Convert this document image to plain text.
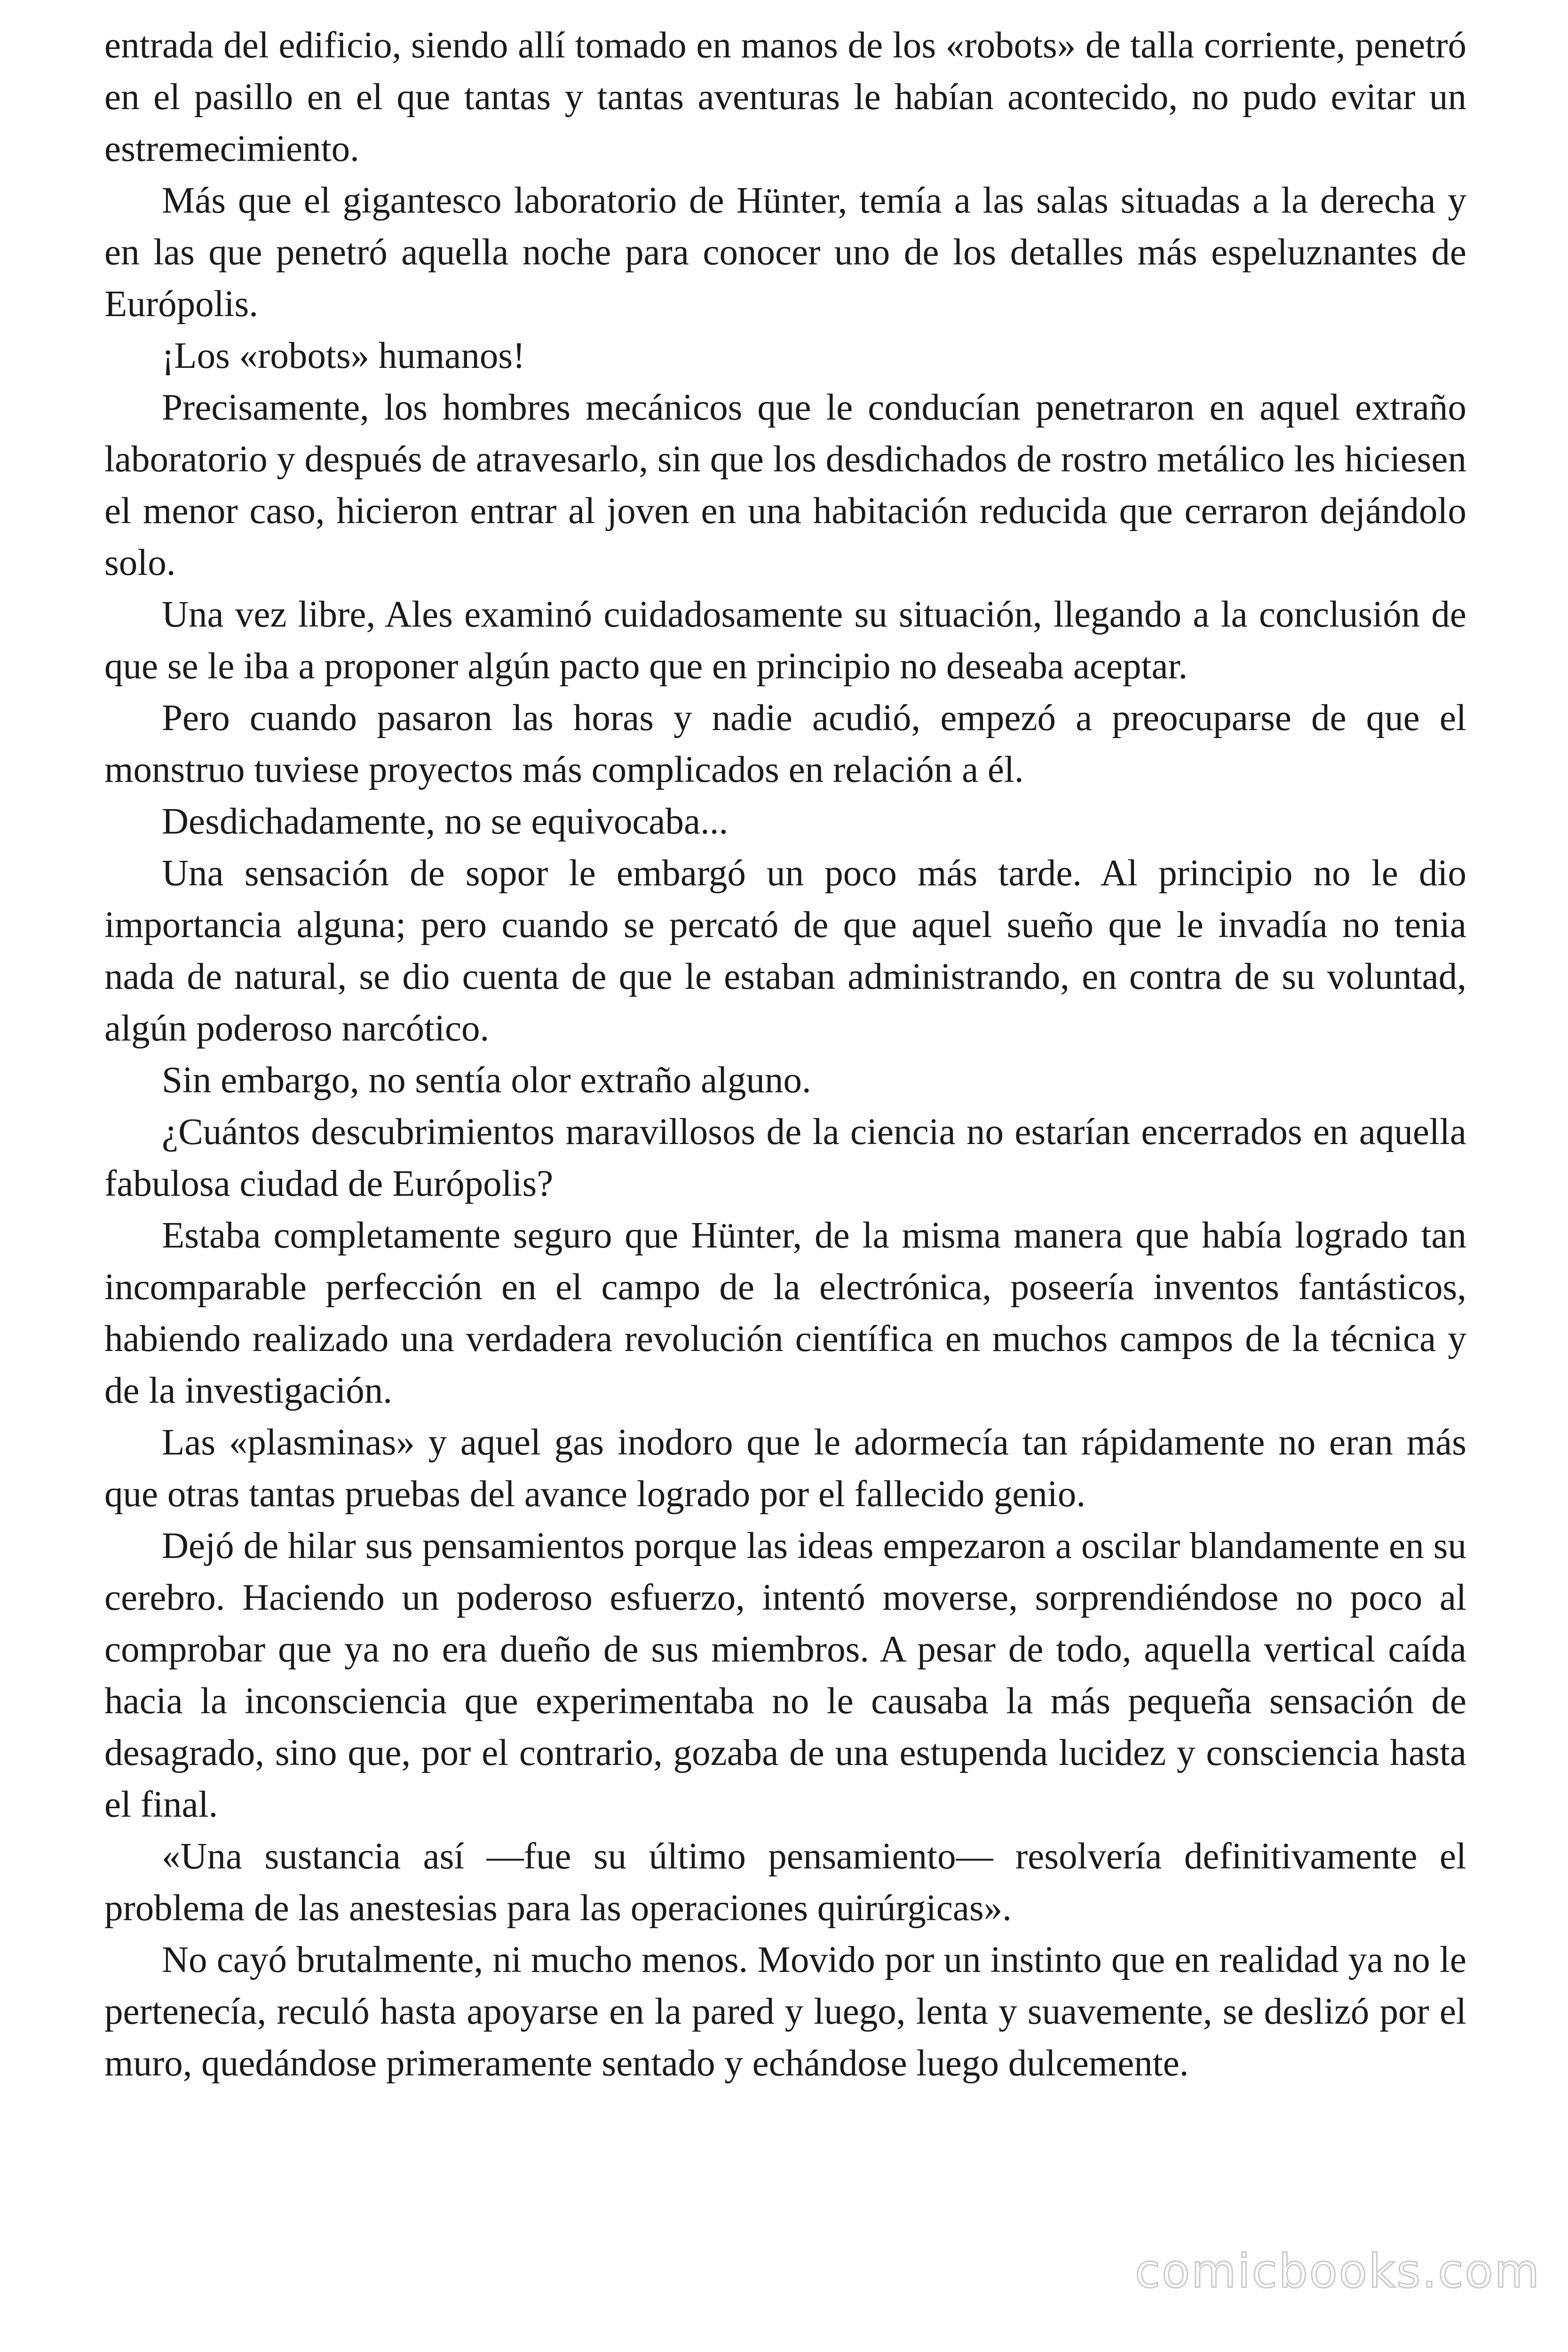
entrada del edificio, siendo allí tomado en manos de los «robots» de talla corriente, penetró en el pasillo en el que tantas y tantas aventuras le habían acontecido, no pudo evitar un estremecimiento.

Más que el gigantesco laboratorio de Hünter, temía a las salas situadas a la derecha y en las que penetró aquella noche para conocer uno de los detalles más espeluznantes de Európolis.

¡Los «robots» humanos!

Precisamente, los hombres mecánicos que le conducían penetraron en aquel extraño laboratorio y después de atravesarlo, sin que los desdichados de rostro metálico les hiciesen el menor caso, hicieron entrar al joven en una habitación reducida que cerraron dejándolo solo.

Una vez libre, Ales examinó cuidadosamente su situación, llegando a la conclusión de que se le iba a proponer algún pacto que en principio no deseaba aceptar.

Pero cuando pasaron las horas y nadie acudió, empezó a preocuparse de que el monstruo tuviese proyectos más complicados en relación a él.

Desdichadamente, no se equivocaba...

Una sensación de sopor le embargó un poco más tarde. Al principio no le dio importancia alguna; pero cuando se percató de que aquel sueño que le invadía no tenia nada de natural, se dio cuenta de que le estaban administrando, en contra de su voluntad, algún poderoso narcótico.

Sin embargo, no sentía olor extraño alguno.

¿Cuántos descubrimientos maravillosos de la ciencia no estarían encerrados en aquella fabulosa ciudad de Európolis?

Estaba completamente seguro que Hünter, de la misma manera que había logrado tan incomparable perfección en el campo de la electrónica, poseería inventos fantásticos, habiendo realizado una verdadera revolución científica en muchos campos de la técnica y de la investigación.

Las «plasminas» y aquel gas inodoro que le adormecía tan rápidamente no eran más que otras tantas pruebas del avance logrado por el fallecido genio.

Dejó de hilar sus pensamientos porque las ideas empezaron a oscilar blandamente en su cerebro. Haciendo un poderoso esfuerzo, intentó moverse, sorprendiéndose no poco al comprobar que ya no era dueño de sus miembros. A pesar de todo, aquella vertical caída hacia la inconsciencia que experimentaba no le causaba la más pequeña sensación de desagrado, sino que, por el contrario, gozaba de una estupenda lucidez y consciencia hasta el final.

«Una sustancia así —fue su último pensamiento— resolvería definitivamente el problema de las anestesias para las operaciones quirúrgicas».

No cayó brutalmente, ni mucho menos. Movido por un instinto que en realidad ya no le pertenecía, reculó hasta apoyarse en la pared y luego, lenta y suavemente, se deslizó por el muro, quedándose primeramente sentado y echándose luego dulcemente.

comicbooks.com
